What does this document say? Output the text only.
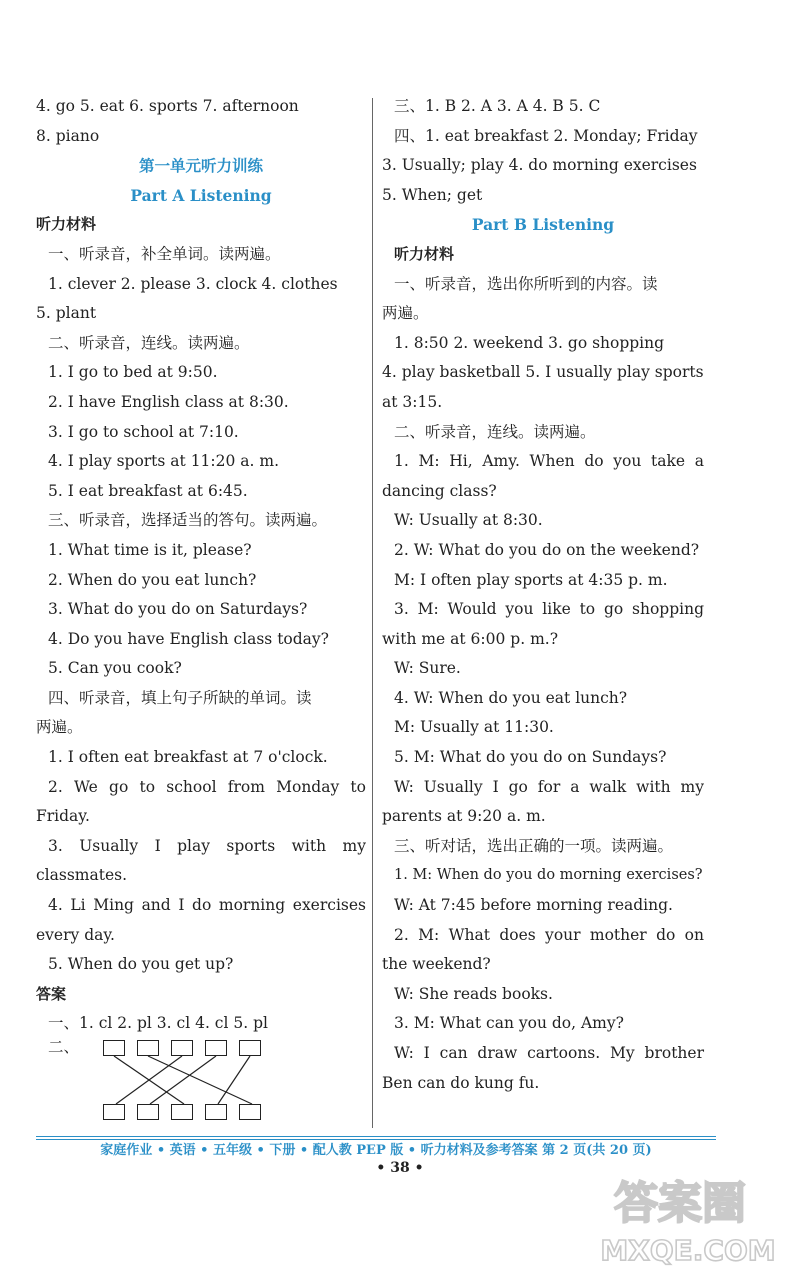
4. go 5. eat 6. sports 7. afternoon
8. piano
第一单元听力训练
Part A Listening
听力材料
一、听录音，补全单词。读两遍。
1. clever 2. please 3. clock 4. clothes
5. plant
二、听录音，连线。读两遍。
1. I go to bed at 9:50.
2. I have English class at 8:30.
3. I go to school at 7:10.
4. I play sports at 11:20 a. m.
5. I eat breakfast at 6:45.
三、听录音，选择适当的答句。读两遍。
1. What time is it, please?
2. When do you eat lunch?
3. What do you do on Saturdays?
4. Do you have English class today?
5. Can you cook?
四、听录音，填上句子所缺的单词。读
两遍。
1. I often eat breakfast at 7 o'clock.
2. We go to school from Monday to
Friday.
3. Usually I play sports with my
classmates.
4. Li Ming and I do morning exercises
every day.
5. When do you get up?
答案
一、1. cl 2. pl 3. cl 4. cl 5. pl
二、
三、1. B 2. A 3. A 4. B 5. C
四、1. eat breakfast 2. Monday; Friday
3. Usually; play 4. do morning exercises
5. When; get
Part B Listening
听力材料
一、听录音，选出你所听到的内容。读
两遍。
1. 8:50 2. weekend 3. go shopping
4. play basketball 5. I usually play sports
at 3:15.
二、听录音，连线。读两遍。
1. M: Hi, Amy. When do you take a
dancing class?
W: Usually at 8:30.
2. W: What do you do on the weekend?
M: I often play sports at 4:35 p. m.
3. M: Would you like to go shopping
with me at 6:00 p. m.?
W: Sure.
4. W: When do you eat lunch?
M: Usually at 11:30.
5. M: What do you do on Sundays?
W: Usually I go for a walk with my
parents at 9:20 a. m.
三、听对话，选出正确的一项。读两遍。
1. M: When do you do morning exercises?
W: At 7:45 before morning reading.
2. M: What does your mother do on
the weekend?
W: She reads books.
3. M: What can you do, Amy?
W: I can draw cartoons. My brother
Ben can do kung fu.
家庭作业 • 英语 • 五年级 • 下册 • 配人教 PEP 版 • 听力材料及参考答案 第 2 页(共 20 页)
• 38 •
答案圈
MXQE.COM
